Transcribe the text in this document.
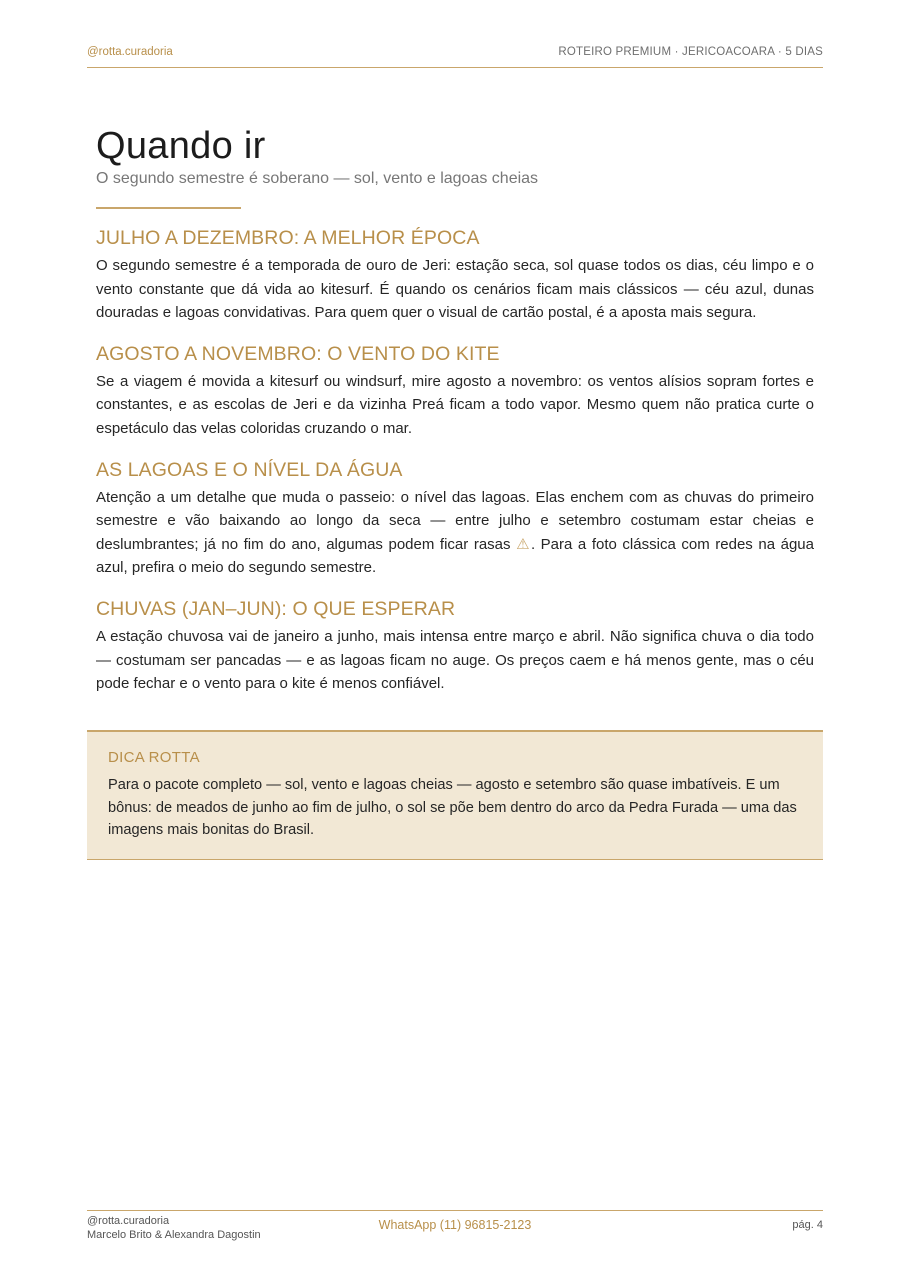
@rotta.curadoria	ROTEIRO PREMIUM · JERICOACOARA · 5 DIAS
Quando ir
O segundo semestre é soberano — sol, vento e lagoas cheias
JULHO A DEZEMBRO: A MELHOR ÉPOCA

O segundo semestre é a temporada de ouro de Jeri: estação seca, sol quase todos os dias, céu limpo e o vento constante que dá vida ao kitesurf. É quando os cenários ficam mais clássicos — céu azul, dunas douradas e lagoas convidativas. Para quem quer o visual de cartão postal, é a aposta mais segura.

AGOSTO A NOVEMBRO: O VENTO DO KITE

Se a viagem é movida a kitesurf ou windsurf, mire agosto a novembro: os ventos alísios sopram fortes e constantes, e as escolas de Jeri e da vizinha Preá ficam a todo vapor. Mesmo quem não pratica curte o espetáculo das velas coloridas cruzando o mar.

AS LAGOAS E O NÍVEL DA ÁGUA

Atenção a um detalhe que muda o passeio: o nível das lagoas. Elas enchem com as chuvas do primeiro semestre e vão baixando ao longo da seca — entre julho e setembro costumam estar cheias e deslumbrantes; já no fim do ano, algumas podem ficar rasas ⚠. Para a foto clássica com redes na água azul, prefira o meio do segundo semestre.

CHUVAS (JAN–JUN): O QUE ESPERAR

A estação chuvosa vai de janeiro a junho, mais intensa entre março e abril. Não significa chuva o dia todo — costumam ser pancadas — e as lagoas ficam no auge. Os preços caem e há menos gente, mas o céu pode fechar e o vento para o kite é menos confiável.

DICA ROTTA
Para o pacote completo — sol, vento e lagoas cheias — agosto e setembro são quase imbatíveis. E um bônus: de meados de junho ao fim de julho, o sol se põe bem dentro do arco da Pedra Furada — uma das imagens mais bonitas do Brasil.
@rotta.curadoria
Marcelo Brito & Alexandra Dagostin
WhatsApp (11) 96815-2123	pág. 4
